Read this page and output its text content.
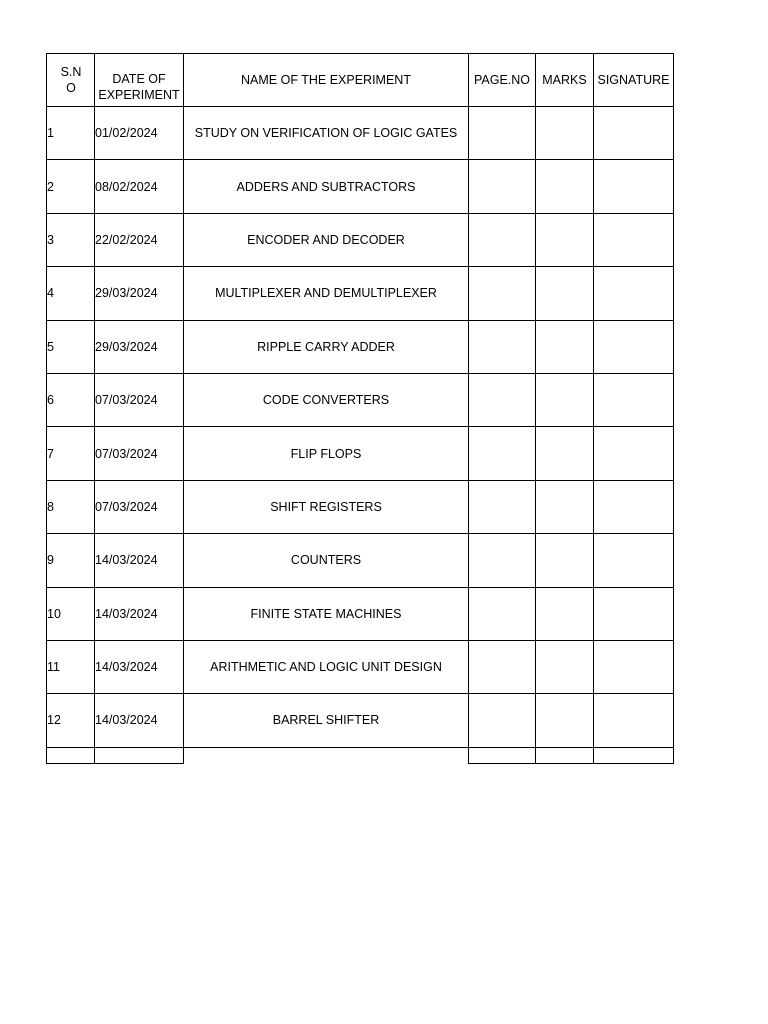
S.NO	DATE OF EXPERIMENT	NAME OF THE EXPERIMENT	PAGE.NO	MARKS	SIGNATURE
1	01/02/2024	STUDY ON VERIFICATION OF LOGIC GATES			
2	08/02/2024	ADDERS AND SUBTRACTORS			
3	22/02/2024	ENCODER AND DECODER			
4	29/03/2024	MULTIPLEXER AND DEMULTIPLEXER			
5	29/03/2024	RIPPLE CARRY ADDER			
6	07/03/2024	CODE CONVERTERS			
7	07/03/2024	FLIP FLOPS			
8	07/03/2024	SHIFT REGISTERS			
9	14/03/2024	COUNTERS			
10	14/03/2024	FINITE STATE MACHINES			
11	14/03/2024	ARITHMETIC AND LOGIC UNIT DESIGN			
12	14/03/2024	BARREL SHIFTER			
